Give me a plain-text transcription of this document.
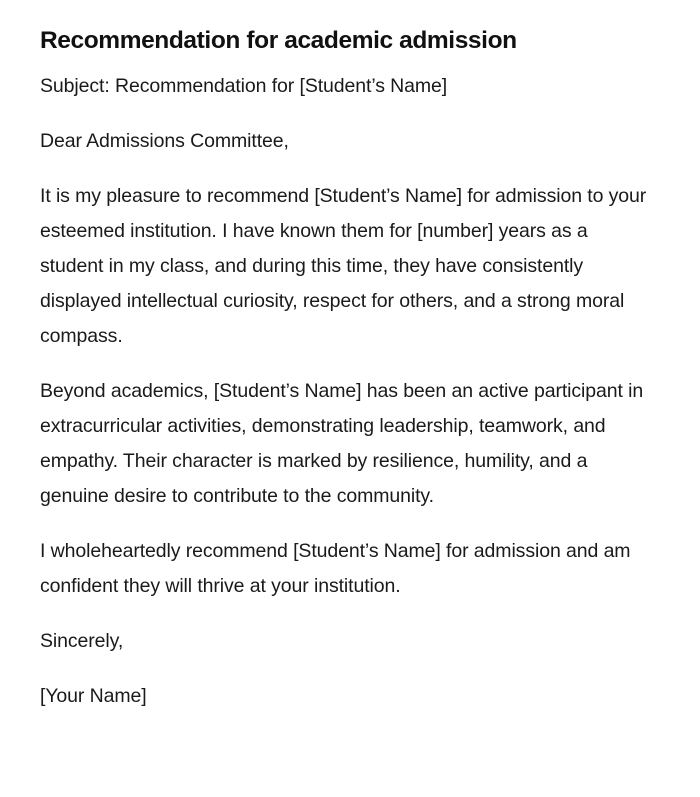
Recommendation for academic admission

Subject: Recommendation for [Student’s Name]

Dear Admissions Committee,

It is my pleasure to recommend [Student’s Name] for admission to your esteemed institution. I have known them for [number] years as a student in my class, and during this time, they have consistently displayed intellectual curiosity, respect for others, and a strong moral compass.

Beyond academics, [Student’s Name] has been an active participant in extracurricular activities, demonstrating leadership, teamwork, and empathy. Their character is marked by resilience, humility, and a genuine desire to contribute to the community.

I wholeheartedly recommend [Student’s Name] for admission and am confident they will thrive at your institution.

Sincerely,

[Your Name]
